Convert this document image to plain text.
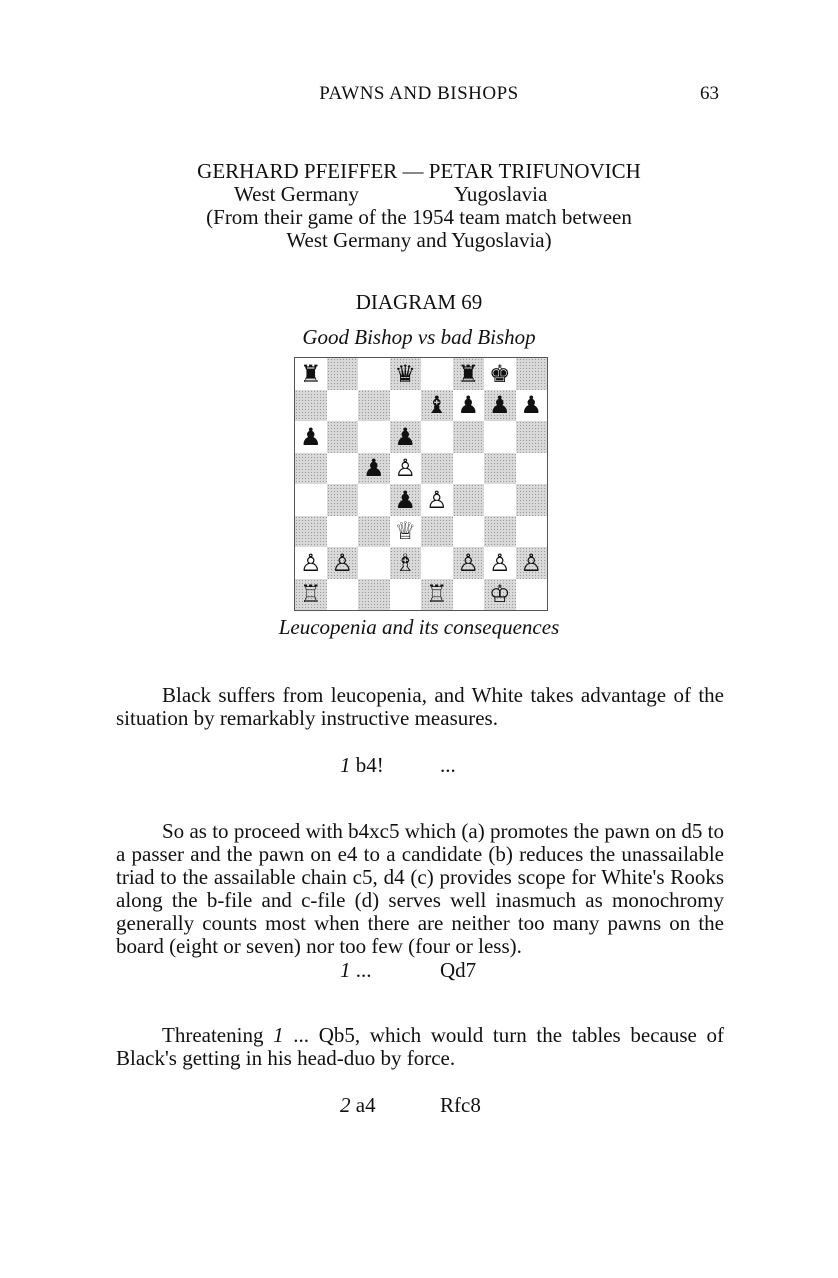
PAWNS AND BISHOPS	63
GERHARD PFEIFFER — PETAR TRIFUNOVICH
West Germany	Yugoslavia
(From their game of the 1954 team match between
West Germany and Yugoslavia)
DIAGRAM 69
Good Bishop vs bad Bishop
♜	♛ ♜ ♚
♝ ♟ ♟ ♟
♟	♟
♟ ♙
♟ ♙
♕
♙ ♙ ♗ ♙ ♙ ♙
♖	♖ ♔
Leucopenia and its consequences
Black suffers from leucopenia, and White takes advantage of the situation by remarkably instructive measures.
1 b4!	...
So as to proceed with b4xc5 which (a) promotes the pawn on d5 to a passer and the pawn on e4 to a candidate (b) reduces the unassailable triad to the assailable chain c5, d4 (c) provides scope for White's Rooks along the b-file and c-file (d) serves well inasmuch as monochromy generally counts most when there are neither too many pawns on the board (eight or seven) nor too few (four or less).
1 ...	Qd7
Threatening 1 ... Qb5, which would turn the tables because of Black's getting in his head-duo by force.
2 a4	Rfc8
